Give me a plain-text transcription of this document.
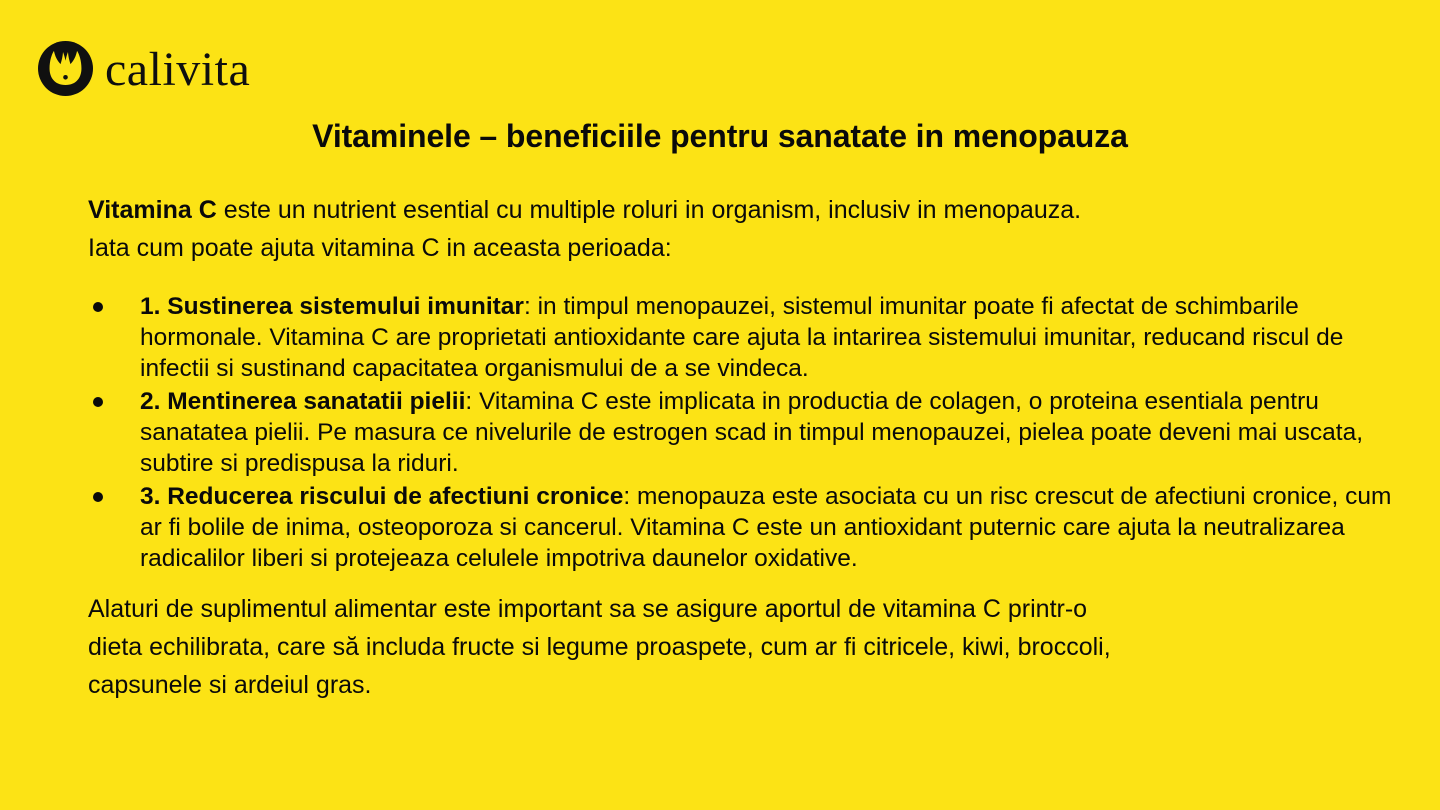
calivita
Vitaminele – beneficiile pentru sanatate in menopauza
Vitamina C este un nutrient esential cu multiple roluri in organism, inclusiv in menopauza.
Iata cum poate ajuta vitamina C in aceasta perioada:
1. Sustinerea sistemului imunitar: in timpul menopauzei, sistemul imunitar poate fi afectat de schimbarile hormonale. Vitamina C are proprietati antioxidante care ajuta la intarirea sistemului imunitar, reducand riscul de infectii si sustinand capacitatea organismului de a se vindeca.
2. Mentinerea sanatatii pielii: Vitamina C este implicata in productia de colagen, o proteina esentiala pentru sanatatea pielii. Pe masura ce nivelurile de estrogen scad in timpul menopauzei, pielea poate deveni mai uscata, subtire si predispusa la riduri.
3. Reducerea riscului de afectiuni cronice: menopauza este asociata cu un risc crescut de afectiuni cronice, cum ar fi bolile de inima, osteoporoza si cancerul. Vitamina C este un antioxidant puternic care ajuta la neutralizarea radicalilor liberi si protejeaza celulele impotriva daunelor oxidative.
Alaturi de suplimentul alimentar este important sa se asigure aportul de vitamina C printr-o
dieta echilibrata, care să includa fructe si legume proaspete, cum ar fi citricele, kiwi, broccoli,
capsunele si ardeiul gras.
